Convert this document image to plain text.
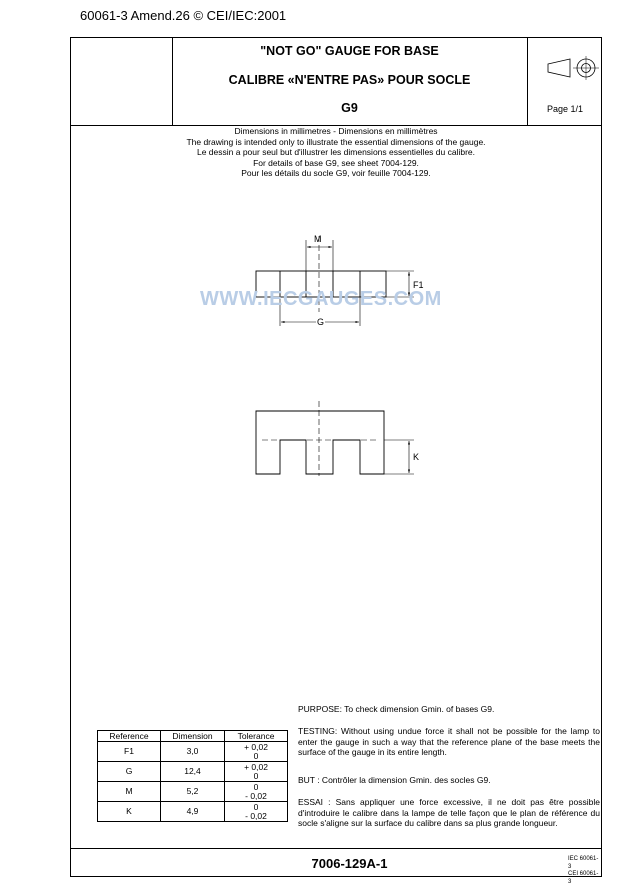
60061-3 Amend.26 © CEI/IEC:2001
"NOT GO" GAUGE FOR BASE
CALIBRE «N'ENTRE PAS» POUR SOCLE
G9	Page 1/1
Dimensions in millimetres - Dimensions en millimètres
The drawing is intended only to illustrate the essential dimensions of the gauge.
Le dessin a pour seul but d'illustrer les dimensions essentielles du calibre.
For details of base G9, see sheet 7004-129.
Pour les détails du socle G9, voir feuille 7004-129.
PURPOSE: To check dimension Gmin. of bases G9.
TESTING: Without using undue force it shall not be possible for the lamp to enter the gauge in such a way that the reference plane of the base meets the surface of the gauge in its entire length.
BUT : Contrôler la dimension Gmin. des socles G9.
ESSAI : Sans appliquer une force excessive, il ne doit pas être possible d'introduire le calibre dans la lampe de telle façon que le plan de référence du socle s'aligne sur la surface du calibre dans sa plus grande longueur.
Reference	Dimension	Tolerance
F1	3,0	+ 0,02
0

G	12,4	+ 0,02
0

M	5,2	0
- 0,02

K	4,9	0
- 0,02
7006-129A-1	IEC 60061-3
CEI 60061-3
M
F1
G
K
WWW.IECGAUGES.COM
